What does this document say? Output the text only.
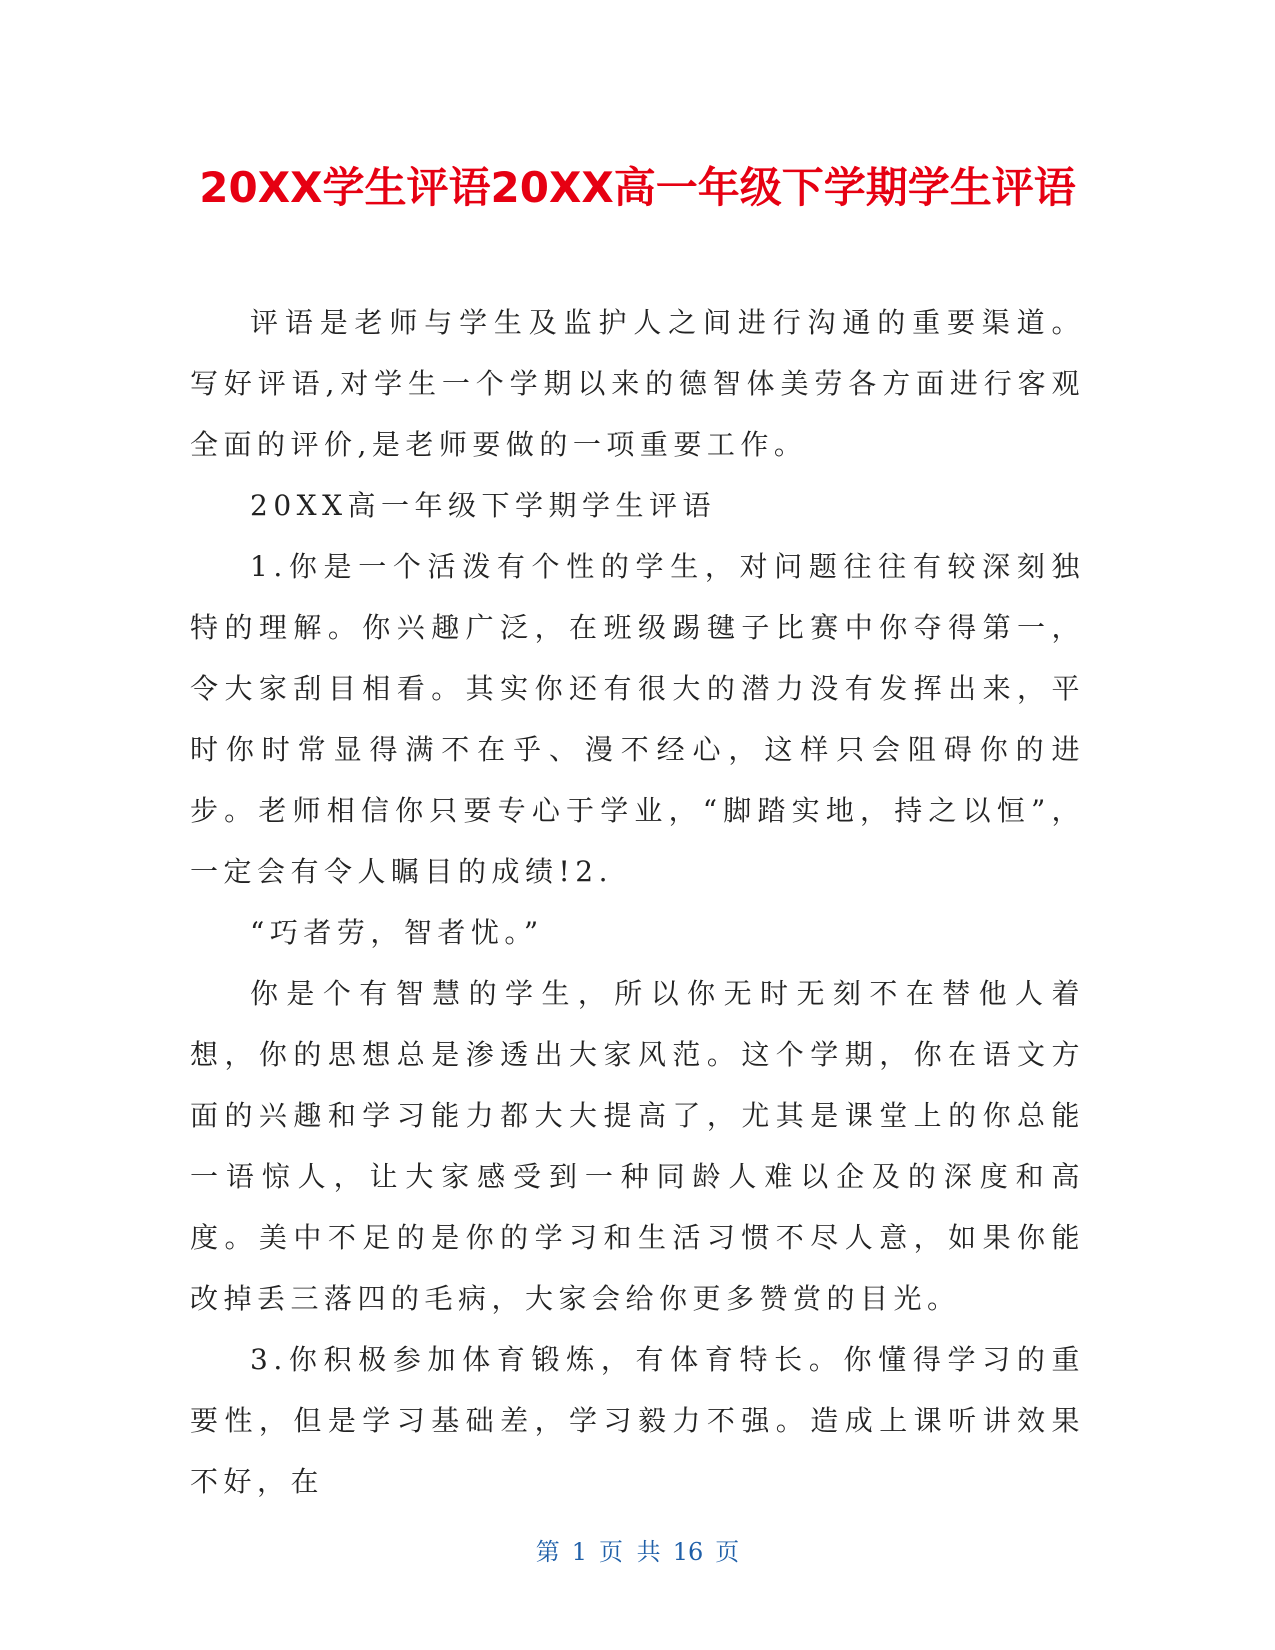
20XX学生评语20XX高一年级下学期学生评语

评语是老师与学生及监护人之间进行沟通的重要渠道。写好评语,对学生一个学期以来的德智体美劳各方面进行客观全面的评价,是老师要做的一项重要工作。

20XX高一年级下学期学生评语

1.你是一个活泼有个性的学生，对问题往往有较深刻独特的理解。你兴趣广泛，在班级踢毽子比赛中你夺得第一，令大家刮目相看。其实你还有很大的潜力没有发挥出来，平时你时常显得满不在乎、漫不经心，这样只会阻碍你的进步。老师相信你只要专心于学业，“脚踏实地，持之以恒”，一定会有令人瞩目的成绩!2.

“巧者劳，智者忧。”

你是个有智慧的学生，所以你无时无刻不在替他人着想，你的思想总是渗透出大家风范。这个学期，你在语文方面的兴趣和学习能力都大大提高了，尤其是课堂上的你总能一语惊人，让大家感受到一种同龄人难以企及的深度和高度。美中不足的是你的学习和生活习惯不尽人意，如果你能改掉丢三落四的毛病，大家会给你更多赞赏的目光。

3.你积极参加体育锻炼，有体育特长。你懂得学习的重要性，但是学习基础差，学习毅力不强。造成上课听讲效果不好，在

第 1 页 共 16 页
